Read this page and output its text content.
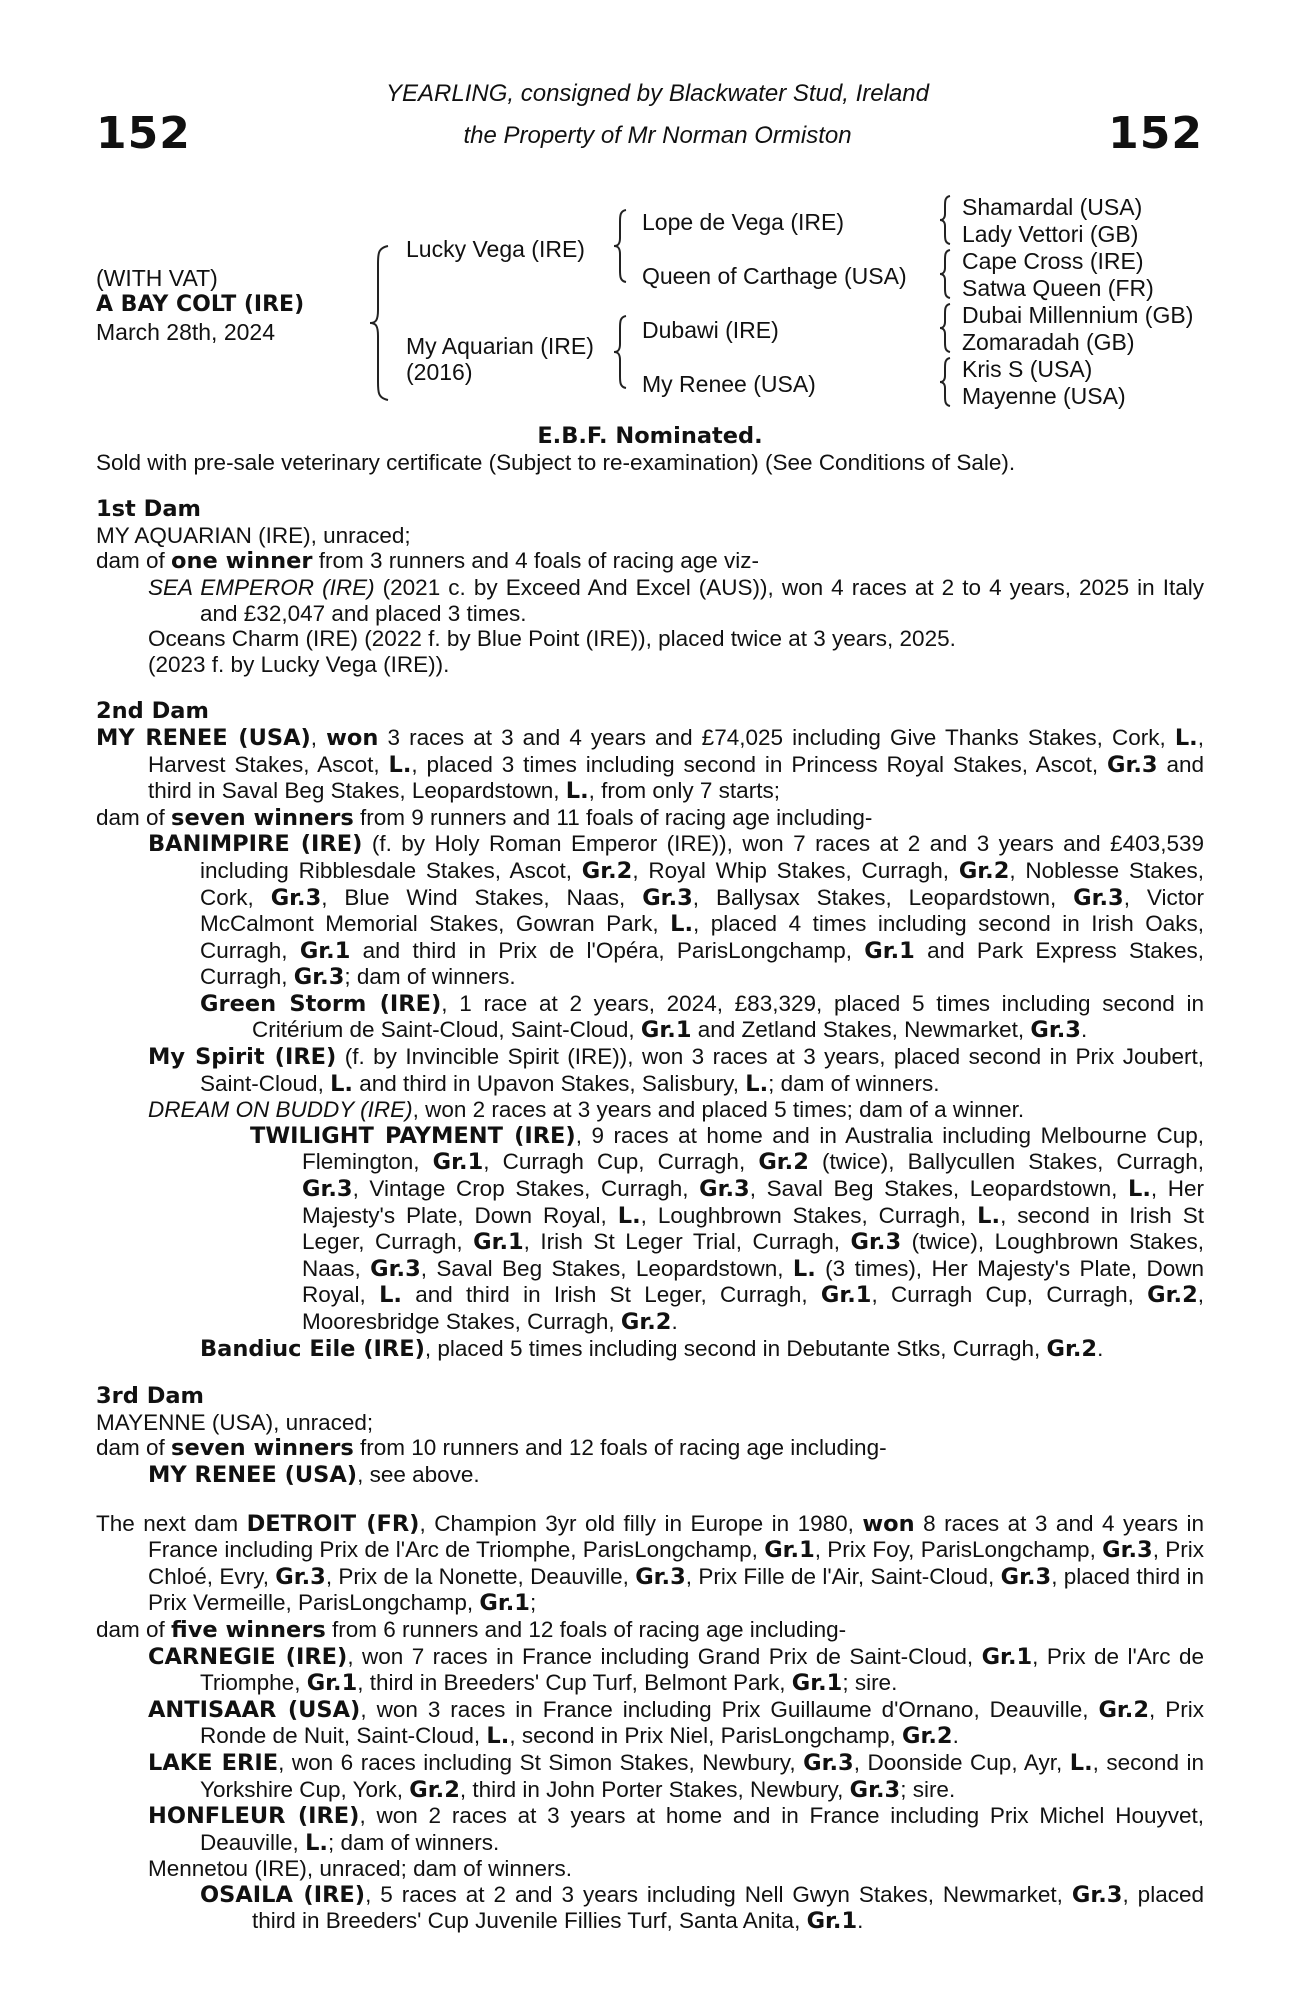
152	152
YEARLING, consigned by Blackwater Stud, Ireland
the Property of Mr Norman Ormiston
(WITH VAT)
A BAY COLT (IRE)
March 28th, 2024
Lucky Vega (IRE)
My Aquarian (IRE)
(2016)
Lope de Vega (IRE)
Queen of Carthage (USA)
Dubawi (IRE)
My Renee (USA)
Shamardal (USA)
Lady Vettori (GB)
Cape Cross (IRE)
Satwa Queen (FR)
Dubai Millennium (GB)
Zomaradah (GB)
Kris S (USA)
Mayenne (USA)

E.B.F. Nominated.

Sold with pre-sale veterinary certificate (Subject to re-examination) (See Conditions of Sale).

1st Dam

MY AQUARIAN (IRE), unraced;

dam of one winner from 3 runners and 4 foals of racing age viz-

SEA EMPEROR (IRE) (2021 c. by Exceed And Excel (AUS)), won 4 races at 2 to 4 years, 2025 in Italy and £32,047 and placed 3 times.

Oceans Charm (IRE) (2022 f. by Blue Point (IRE)), placed twice at 3 years, 2025.

(2023 f. by Lucky Vega (IRE)).

2nd Dam

MY RENEE (USA), won 3 races at 3 and 4 years and £74,025 including Give Thanks Stakes, Cork, L., Harvest Stakes, Ascot, L., placed 3 times including second in Princess Royal Stakes, Ascot, Gr.3 and third in Saval Beg Stakes, Leopardstown, L., from only 7 starts;

dam of seven winners from 9 runners and 11 foals of racing age including-

BANIMPIRE (IRE) (f. by Holy Roman Emperor (IRE)), won 7 races at 2 and 3 years and £403,539 including Ribblesdale Stakes, Ascot, Gr.2, Royal Whip Stakes, Curragh, Gr.2, Noblesse Stakes, Cork, Gr.3, Blue Wind Stakes, Naas, Gr.3, Ballysax Stakes, Leopardstown, Gr.3, Victor McCalmont Memorial Stakes, Gowran Park, L., placed 4 times including second in Irish Oaks, Curragh, Gr.1 and third in Prix de l'Opéra, ParisLongchamp, Gr.1 and Park Express Stakes, Curragh, Gr.3; dam of winners.

Green Storm (IRE), 1 race at 2 years, 2024, £83,329, placed 5 times including second in Critérium de Saint-Cloud, Saint-Cloud, Gr.1 and Zetland Stakes, Newmarket, Gr.3.

My Spirit (IRE) (f. by Invincible Spirit (IRE)), won 3 races at 3 years, placed second in Prix Joubert, Saint-Cloud, L. and third in Upavon Stakes, Salisbury, L.; dam of winners.

DREAM ON BUDDY (IRE), won 2 races at 3 years and placed 5 times; dam of a winner.

TWILIGHT PAYMENT (IRE), 9 races at home and in Australia including Melbourne Cup, Flemington, Gr.1, Curragh Cup, Curragh, Gr.2 (twice), Ballycullen Stakes, Curragh, Gr.3, Vintage Crop Stakes, Curragh, Gr.3, Saval Beg Stakes, Leopardstown, L., Her Majesty's Plate, Down Royal, L., Loughbrown Stakes, Curragh, L., second in Irish St Leger, Curragh, Gr.1, Irish St Leger Trial, Curragh, Gr.3 (twice), Loughbrown Stakes, Naas, Gr.3, Saval Beg Stakes, Leopardstown, L. (3 times), Her Majesty's Plate, Down Royal, L. and third in Irish St Leger, Curragh, Gr.1, Curragh Cup, Curragh, Gr.2, Mooresbridge Stakes, Curragh, Gr.2.

Bandiuc Eile (IRE), placed 5 times including second in Debutante Stks, Curragh, Gr.2.

3rd Dam

MAYENNE (USA), unraced;

dam of seven winners from 10 runners and 12 foals of racing age including-

MY RENEE (USA), see above.

The next dam DETROIT (FR), Champion 3yr old filly in Europe in 1980, won 8 races at 3 and 4 years in France including Prix de l'Arc de Triomphe, ParisLongchamp, Gr.1, Prix Foy, ParisLongchamp, Gr.3, Prix Chloé, Evry, Gr.3, Prix de la Nonette, Deauville, Gr.3, Prix Fille de l'Air, Saint-Cloud, Gr.3, placed third in Prix Vermeille, ParisLongchamp, Gr.1;

dam of five winners from 6 runners and 12 foals of racing age including-

CARNEGIE (IRE), won 7 races in France including Grand Prix de Saint-Cloud, Gr.1, Prix de l'Arc de Triomphe, Gr.1, third in Breeders' Cup Turf, Belmont Park, Gr.1; sire.

ANTISAAR (USA), won 3 races in France including Prix Guillaume d'Ornano, Deauville, Gr.2, Prix Ronde de Nuit, Saint-Cloud, L., second in Prix Niel, ParisLongchamp, Gr.2.

LAKE ERIE, won 6 races including St Simon Stakes, Newbury, Gr.3, Doonside Cup, Ayr, L., second in Yorkshire Cup, York, Gr.2, third in John Porter Stakes, Newbury, Gr.3; sire.

HONFLEUR (IRE), won 2 races at 3 years at home and in France including Prix Michel Houyvet, Deauville, L.; dam of winners.

Mennetou (IRE), unraced; dam of winners.

OSAILA (IRE), 5 races at 2 and 3 years including Nell Gwyn Stakes, Newmarket, Gr.3, placed third in Breeders' Cup Juvenile Fillies Turf, Santa Anita, Gr.1.
